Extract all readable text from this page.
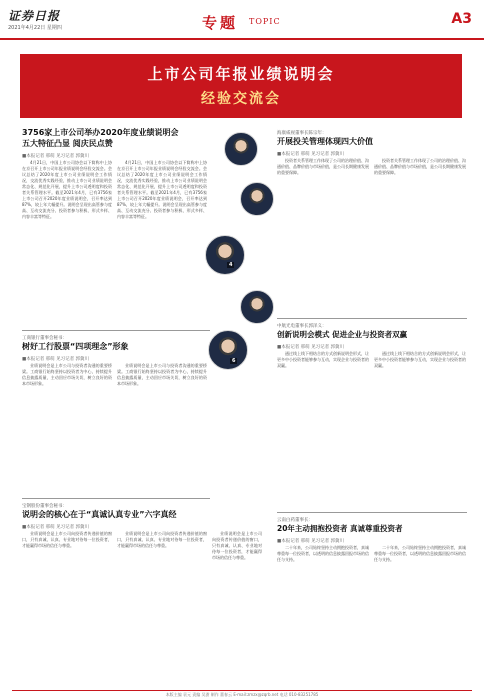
证券日报
2021年4月22日 星期四	专题 TOPIC	A3
上市公司年报业绩说明会
经验交流会
3756家上市公司举办2020年度业绩说明会
五大特征凸显 阅庆民点赞
■本报记者 邢萌 见习记者 郭冀川

4月21日，中国上市公司协会以下简称中上协在京召开上市公司年报业绩说明会经验交流会。会议总结了2020年度上市公司业绩说明会工作情况，交流优秀实践经验，推动上市公司业绩说明会常态化、规范化开展，提升上市公司透明度和投资者关系管理水平。截至2021年4月，已有3756家上市公司召开2020年度业绩说明会，召开率达到87%，较上年大幅提升。说明会呈现出高管参与度高、互动交流充分、投资者参与积极、形式多样、内容丰富等特征。

4月21日，中国上市公司协会以下简称中上协在京召开上市公司年报业绩说明会经验交流会。会议总结了2020年度上市公司业绩说明会工作情况，交流优秀实践经验，推动上市公司业绩说明会常态化、规范化开展，提升上市公司透明度和投资者关系管理水平。截至2021年4月，已有3756家上市公司召开2020年度业绩说明会，召开率达到87%，较上年大幅提升。说明会呈现出高管参与度高、互动交流充分、投资者参与积极、形式多样、内容丰富等特征。

4
6
工商银行董事会秘书：
树好工行股票“四项理念”形象
■本报记者 邢萌 见习记者 郭冀川

业绩说明会是上市公司与投资者沟通的重要桥梁。工商银行始终坚持以投资者为中心，持续提升信息披露质量，主动回应市场关切，树立良好的资本市场形象。

业绩说明会是上市公司与投资者沟通的重要桥梁。工商银行始终坚持以投资者为中心，持续提升信息披露质量，主动回应市场关切，树立良好的资本市场形象。

宝钢股份董事会秘书：
说明会的核心在于“真诚认真专业”六字真经
■本报记者 邢萌 见习记者 郭冀川

业绩说明会是上市公司向投资者传递价值的窗口，只有真诚、认真、专业地对待每一位投资者，才能赢得市场的信任与尊重。

业绩说明会是上市公司向投资者传递价值的窗口，只有真诚、认真、专业地对待每一位投资者，才能赢得市场的信任与尊重。

业绩说明会是上市公司向投资者传递价值的窗口，只有真诚、认真、专业地对待每一位投资者，才能赢得市场的信任与尊重。

海康威视董事长陈宗年：
开展投关管理体现四大价值
■本报记者 邢萌 见习记者 郭冀川

投资者关系管理工作体现了公司的治理价值、沟通价值、品牌价值与市场价值，是公司长期健康发展的重要保障。

投资者关系管理工作体现了公司的治理价值、沟通价值、品牌价值与市场价值，是公司长期健康发展的重要保障。

中航光电董事长郭泽义：
创新说明会模式 促进企业与投资者双赢
■本报记者 邢萌 见习记者 郭冀川

通过线上线下相结合的方式创新说明会形式，让更多中小投资者能够参与互动，实现企业与投资者的双赢。

通过线上线下相结合的方式创新说明会形式，让更多中小投资者能够参与互动，实现企业与投资者的双赢。

云南白药董事长：
20年主动拥抱投资者 真诚尊重投资者
■本报记者 邢萌 见习记者 郭冀川

二十年来，公司始终坚持主动拥抱投资者，真诚尊重每一位投资者，以透明的信息披露回报市场的信任与支持。

二十年来，公司始终坚持主动拥抱投资者，真诚尊重每一位投资者，以透明的信息披露回报市场的信任与支持。

本版主编 袁元 责编 吴澍 制作 董春云 E-mail:zmzx@zqrb.net 电话 010-83251785
